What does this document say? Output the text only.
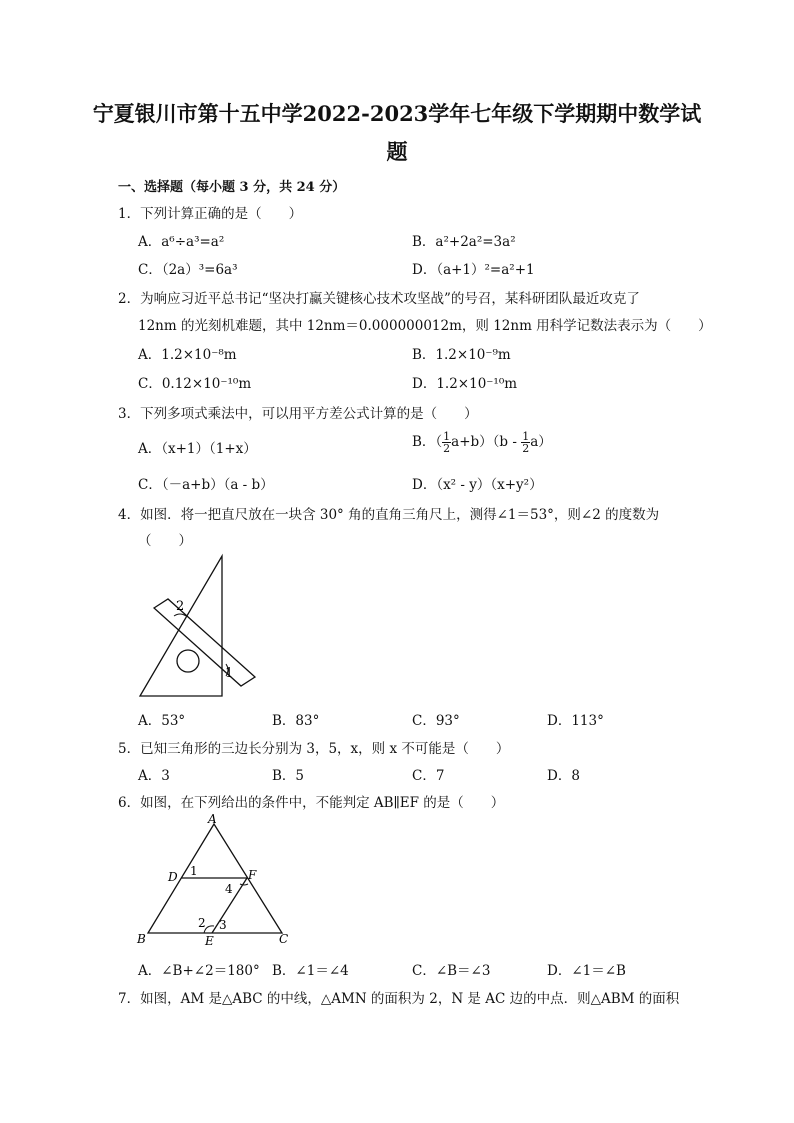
宁夏银川市第十五中学2022-2023学年七年级下学期期中数学试
题
一、选择题（每小题 3 分，共 24 分）
1．下列计算正确的是（　　）
A．a⁶÷a³=a²	B．a²+2a²=3a²
C．（2a）³=6a³	D．（a+1）²=a²+1
2．为响应习近平总书记“坚决打赢关键核心技术攻坚战”的号召，某科研团队最近攻克了
12nm 的光刻机难题，其中 12nm＝0.000000012m，则 12nm 用科学记数法表示为（　　）
A．1.2×10⁻⁸m	B．1.2×10⁻⁹m
C．0.12×10⁻¹⁰m	D．1.2×10⁻¹⁰m
3．下列多项式乘法中，可以用平方差公式计算的是（　　）
A．（x+1）（1+x）	B．（ $\frac{1}{2} a+b)(b - \frac{1}{2} a)$
C．（－a+b）（a - b）	D．（x² - y）（x+y²）
4．如图．将一把直尺放在一块含 30° 角的直角三角尺上，测得∠1＝53°，则∠2 的度数为
（　　）
2
1
A．53°	B．83°	C．93°	D．113°
5．已知三角形的三边长分别为 3，5，x，则 x 不可能是（　　）
A．3	B．5	C．7	D．8
6．如图，在下列给出的条件中，不能判定 AB∥EF 的是（　　）
A
B	C
D
E
F
1
2 3
4
A．∠B+∠2＝180° B．∠1＝∠4	C．∠B＝∠3	D．∠1＝∠B
7．如图，AM 是△ABC 的中线，△AMN 的面积为 2，N 是 AC 边的中点．则△ABM 的面积
